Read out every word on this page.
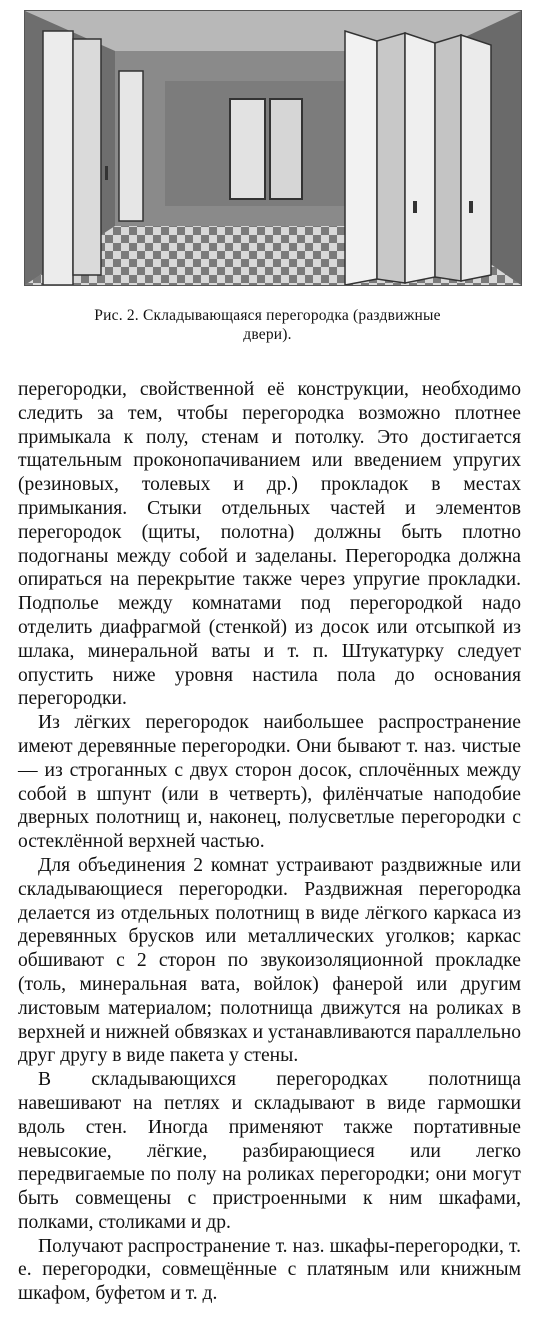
Рис. 2. Складывающаяся перегородка (раздвижные
двери).

перегородки, свойственной её конструкции, необходимо следить за тем, чтобы перегородка возможно плотнее примыкала к полу, стенам и потолку. Это достигается тщательным проконопачиванием или введением упругих (резиновых, толевых и др.) прокладок в местах примыкания. Стыки отдельных частей и элементов перегородок (щиты, полотна) должны быть плотно подогнаны между собой и заделаны. Перегородка должна опираться на перекрытие также через упругие прокладки. Подполье между комнатами под перегородкой надо отделить диафрагмой (стенкой) из досок или отсыпкой из шлака, минеральной ваты и т. п. Штукатурку следует опустить ниже уровня настила пола до основания перегородки.

Из лёгких перегородок наибольшее распространение имеют деревянные перегородки. Они бывают т. наз. чистые — из строганных с двух сторон досок, сплочённых между собой в шпунт (или в четверть), филёнчатые наподобие дверных полотнищ и, наконец, полусветлые перегородки с остеклённой верхней частью.

Для объединения 2 комнат устраивают раздвижные или складывающиеся перегородки. Раздвижная перегородка делается из отдельных полотнищ в виде лёгкого каркаса из деревянных брусков или металлических уголков; каркас обшивают с 2 сторон по звукоизоляционной прокладке (толь, минеральная вата, войлок) фанерой или другим листовым материалом; полотнища движутся на роликах в верхней и нижней обвязках и устанавливаются параллельно друг другу в виде пакета у стены.

В складывающихся перегородках полотнища навешивают на петлях и складывают в виде гармошки вдоль стен. Иногда применяют также портативные невысокие, лёгкие, разбирающиеся или легко передвигаемые по полу на роликах перегородки; они могут быть совмещены с пристроенными к ним шкафами, полками, столиками и др.

Получают распространение т. наз. шкафы-перегородки, т. е. перегородки, совмещённые с платяным или книжным шкафом, буфетом и т. д.
